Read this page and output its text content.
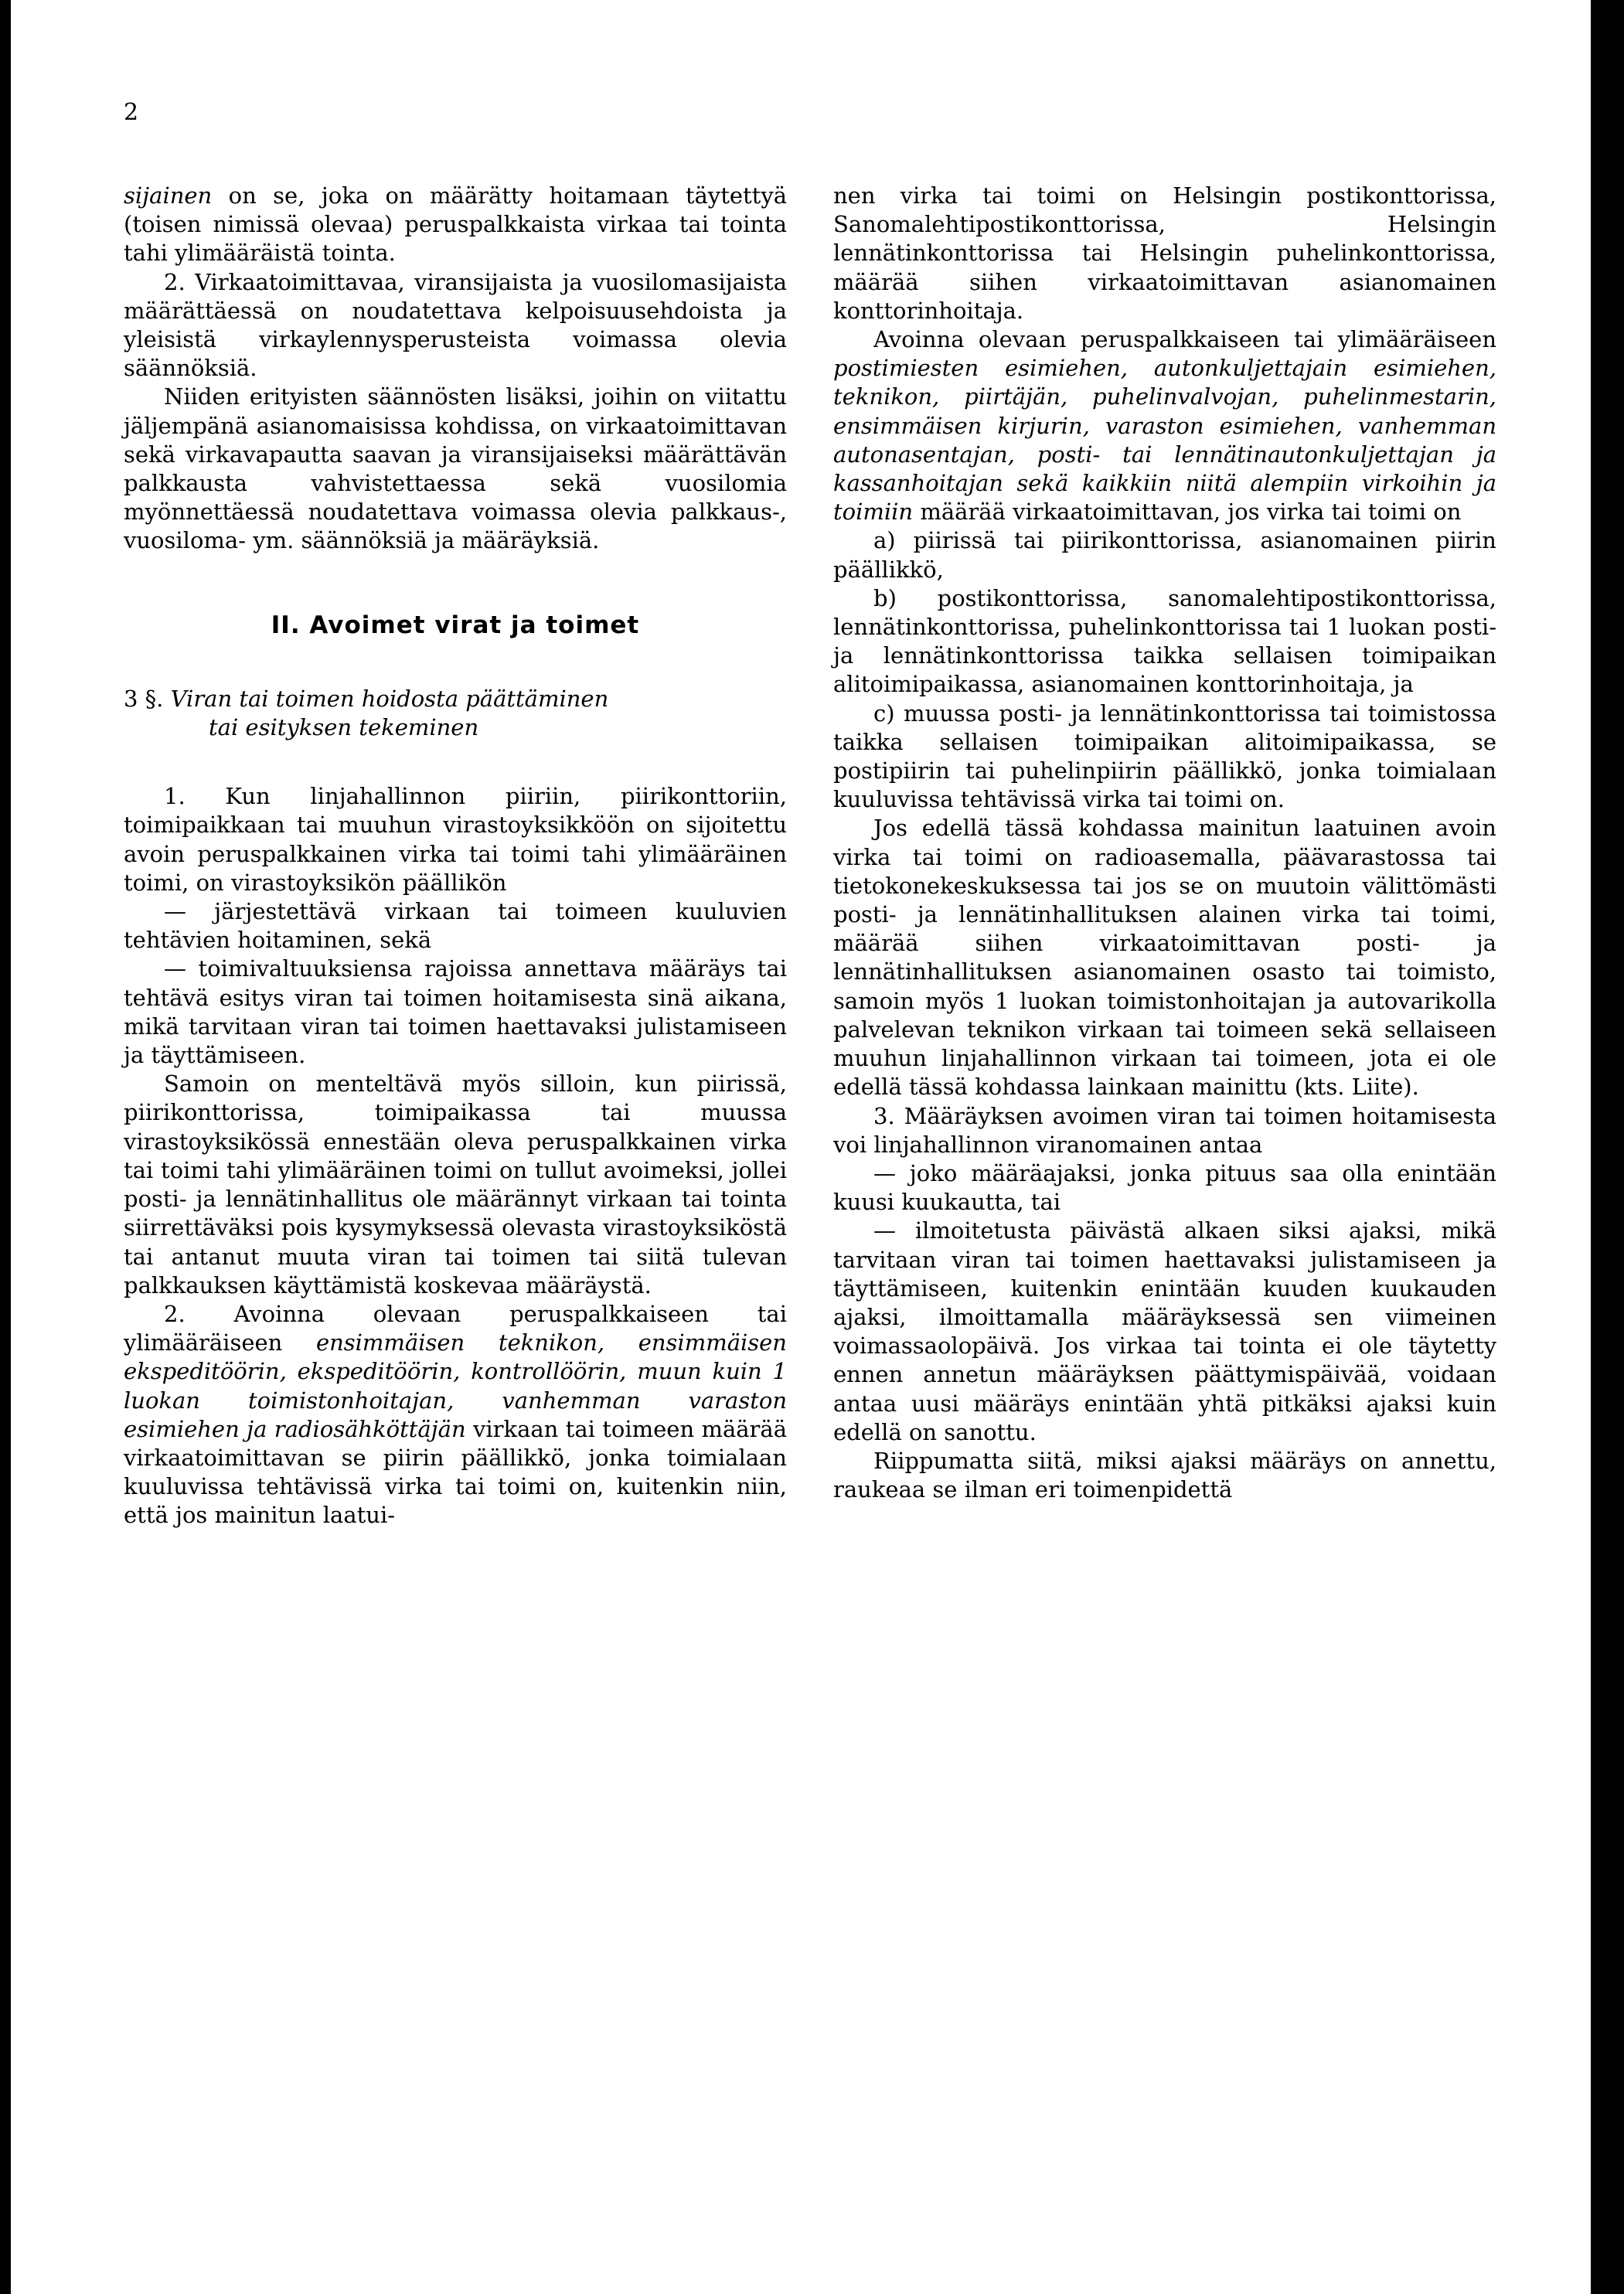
2

sijainen on se, joka on määrätty hoitamaan täytettyä (toisen nimissä olevaa) peruspalkkaista virkaa tai tointa tahi ylimääräistä tointa.

2. Virkaatoimittavaa, viransijaista ja vuosilomasijaista määrättäessä on noudatettava kelpoisuusehdoista ja yleisistä virkaylennysperusteista voimassa olevia säännöksiä.

Niiden erityisten säännösten lisäksi, joihin on viitattu jäljempänä asianomaisissa kohdissa, on virkaatoimittavan sekä virkavapautta saavan ja viransijaiseksi määrättävän palkkausta vahvistettaessa sekä vuosilomia myönnettäessä noudatettava voimassa olevia palkkaus-, vuosiloma- ym. säännöksiä ja määräyksiä.

II. Avoimet virat ja toimet
3 §. Viran tai toimen hoidosta päättäminen
tai esityksen tekeminen

1. Kun linjahallinnon piiriin, piirikonttoriin, toimipaikkaan tai muuhun virastoyksikköön on sijoitettu avoin peruspalkkainen virka tai toimi tahi ylimääräinen toimi, on virastoyksikön päällikön

— järjestettävä virkaan tai toimeen kuuluvien tehtävien hoitaminen, sekä

— toimivaltuuksiensa rajoissa annettava määräys tai tehtävä esitys viran tai toimen hoitamisesta sinä aikana, mikä tarvitaan viran tai toimen haettavaksi julistamiseen ja täyttämiseen.

Samoin on menteltävä myös silloin, kun piirissä, piirikonttorissa, toimipaikassa tai muussa virastoyksikössä ennestään oleva peruspalkkainen virka tai toimi tahi ylimääräinen toimi on tullut avoimeksi, jollei posti- ja lennätinhallitus ole määrännyt virkaan tai tointa siirrettäväksi pois kysymyksessä olevasta virastoyksiköstä tai antanut muuta viran tai toimen tai siitä tulevan palkkauksen käyttämistä koskevaa määräystä.

2. Avoinna olevaan peruspalkkaiseen tai ylimääräiseen ensimmäisen teknikon, ensimmäisen ekspeditöörin, ekspeditöörin, kontrollöörin, muun kuin 1 luokan toimistonhoitajan, vanhemman varaston esimiehen ja radiosähköttäjän virkaan tai toimeen määrää virkaatoimittavan se piirin päällikkö, jonka toimialaan kuuluvissa tehtävissä virka tai toimi on, kuitenkin niin, että jos mainitun laatui-

nen virka tai toimi on Helsingin postikonttorissa, Sanomalehtipostikonttorissa, Helsingin lennätinkonttorissa tai Helsingin puhelinkonttorissa, määrää siihen virkaatoimittavan asianomainen konttorinhoitaja.

Avoinna olevaan peruspalkkaiseen tai ylimääräiseen postimiesten esimiehen, autonkuljettajain esimiehen, teknikon, piirtäjän, puhelinvalvojan, puhelinmestarin, ensimmäisen kirjurin, varaston esimiehen, vanhemman autonasentajan, posti- tai lennätinautonkuljettajan ja kassanhoitajan sekä kaikkiin niitä alempiin virkoihin ja toimiin määrää virkaatoimittavan, jos virka tai toimi on

a) piirissä tai piirikonttorissa, asianomainen piirin päällikkö,

b) postikonttorissa, sanomalehtipostikonttorissa, lennätinkonttorissa, puhelinkonttorissa tai 1 luokan posti- ja lennätinkonttorissa taikka sellaisen toimipaikan alitoimipaikassa, asianomainen konttorinhoitaja, ja

c) muussa posti- ja lennätinkonttorissa tai toimistossa taikka sellaisen toimipaikan alitoimipaikassa, se postipiirin tai puhelinpiirin päällikkö, jonka toimialaan kuuluvissa tehtävissä virka tai toimi on.

Jos edellä tässä kohdassa mainitun laatuinen avoin virka tai toimi on radioasemalla, päävarastossa tai tietokonekeskuksessa tai jos se on muutoin välittömästi posti- ja lennätinhallituksen alainen virka tai toimi, määrää siihen virkaatoimittavan posti- ja lennätinhallituksen asianomainen osasto tai toimisto, samoin myös 1 luokan toimistonhoitajan ja autovarikolla palvelevan teknikon virkaan tai toimeen sekä sellaiseen muuhun linjahallinnon virkaan tai toimeen, jota ei ole edellä tässä kohdassa lainkaan mainittu (kts. Liite).

3. Määräyksen avoimen viran tai toimen hoitamisesta voi linjahallinnon viranomainen antaa

— joko määräajaksi, jonka pituus saa olla enintään kuusi kuukautta, tai

— ilmoitetusta päivästä alkaen siksi ajaksi, mikä tarvitaan viran tai toimen haettavaksi julistamiseen ja täyttämiseen, kuitenkin enintään kuuden kuukauden ajaksi, ilmoittamalla määräyksessä sen viimeinen voimassaolopäivä. Jos virkaa tai tointa ei ole täytetty ennen annetun määräyksen päättymispäivää, voidaan antaa uusi määräys enintään yhtä pitkäksi ajaksi kuin edellä on sanottu.

Riippumatta siitä, miksi ajaksi määräys on annettu, raukeaa se ilman eri toimenpidettä
